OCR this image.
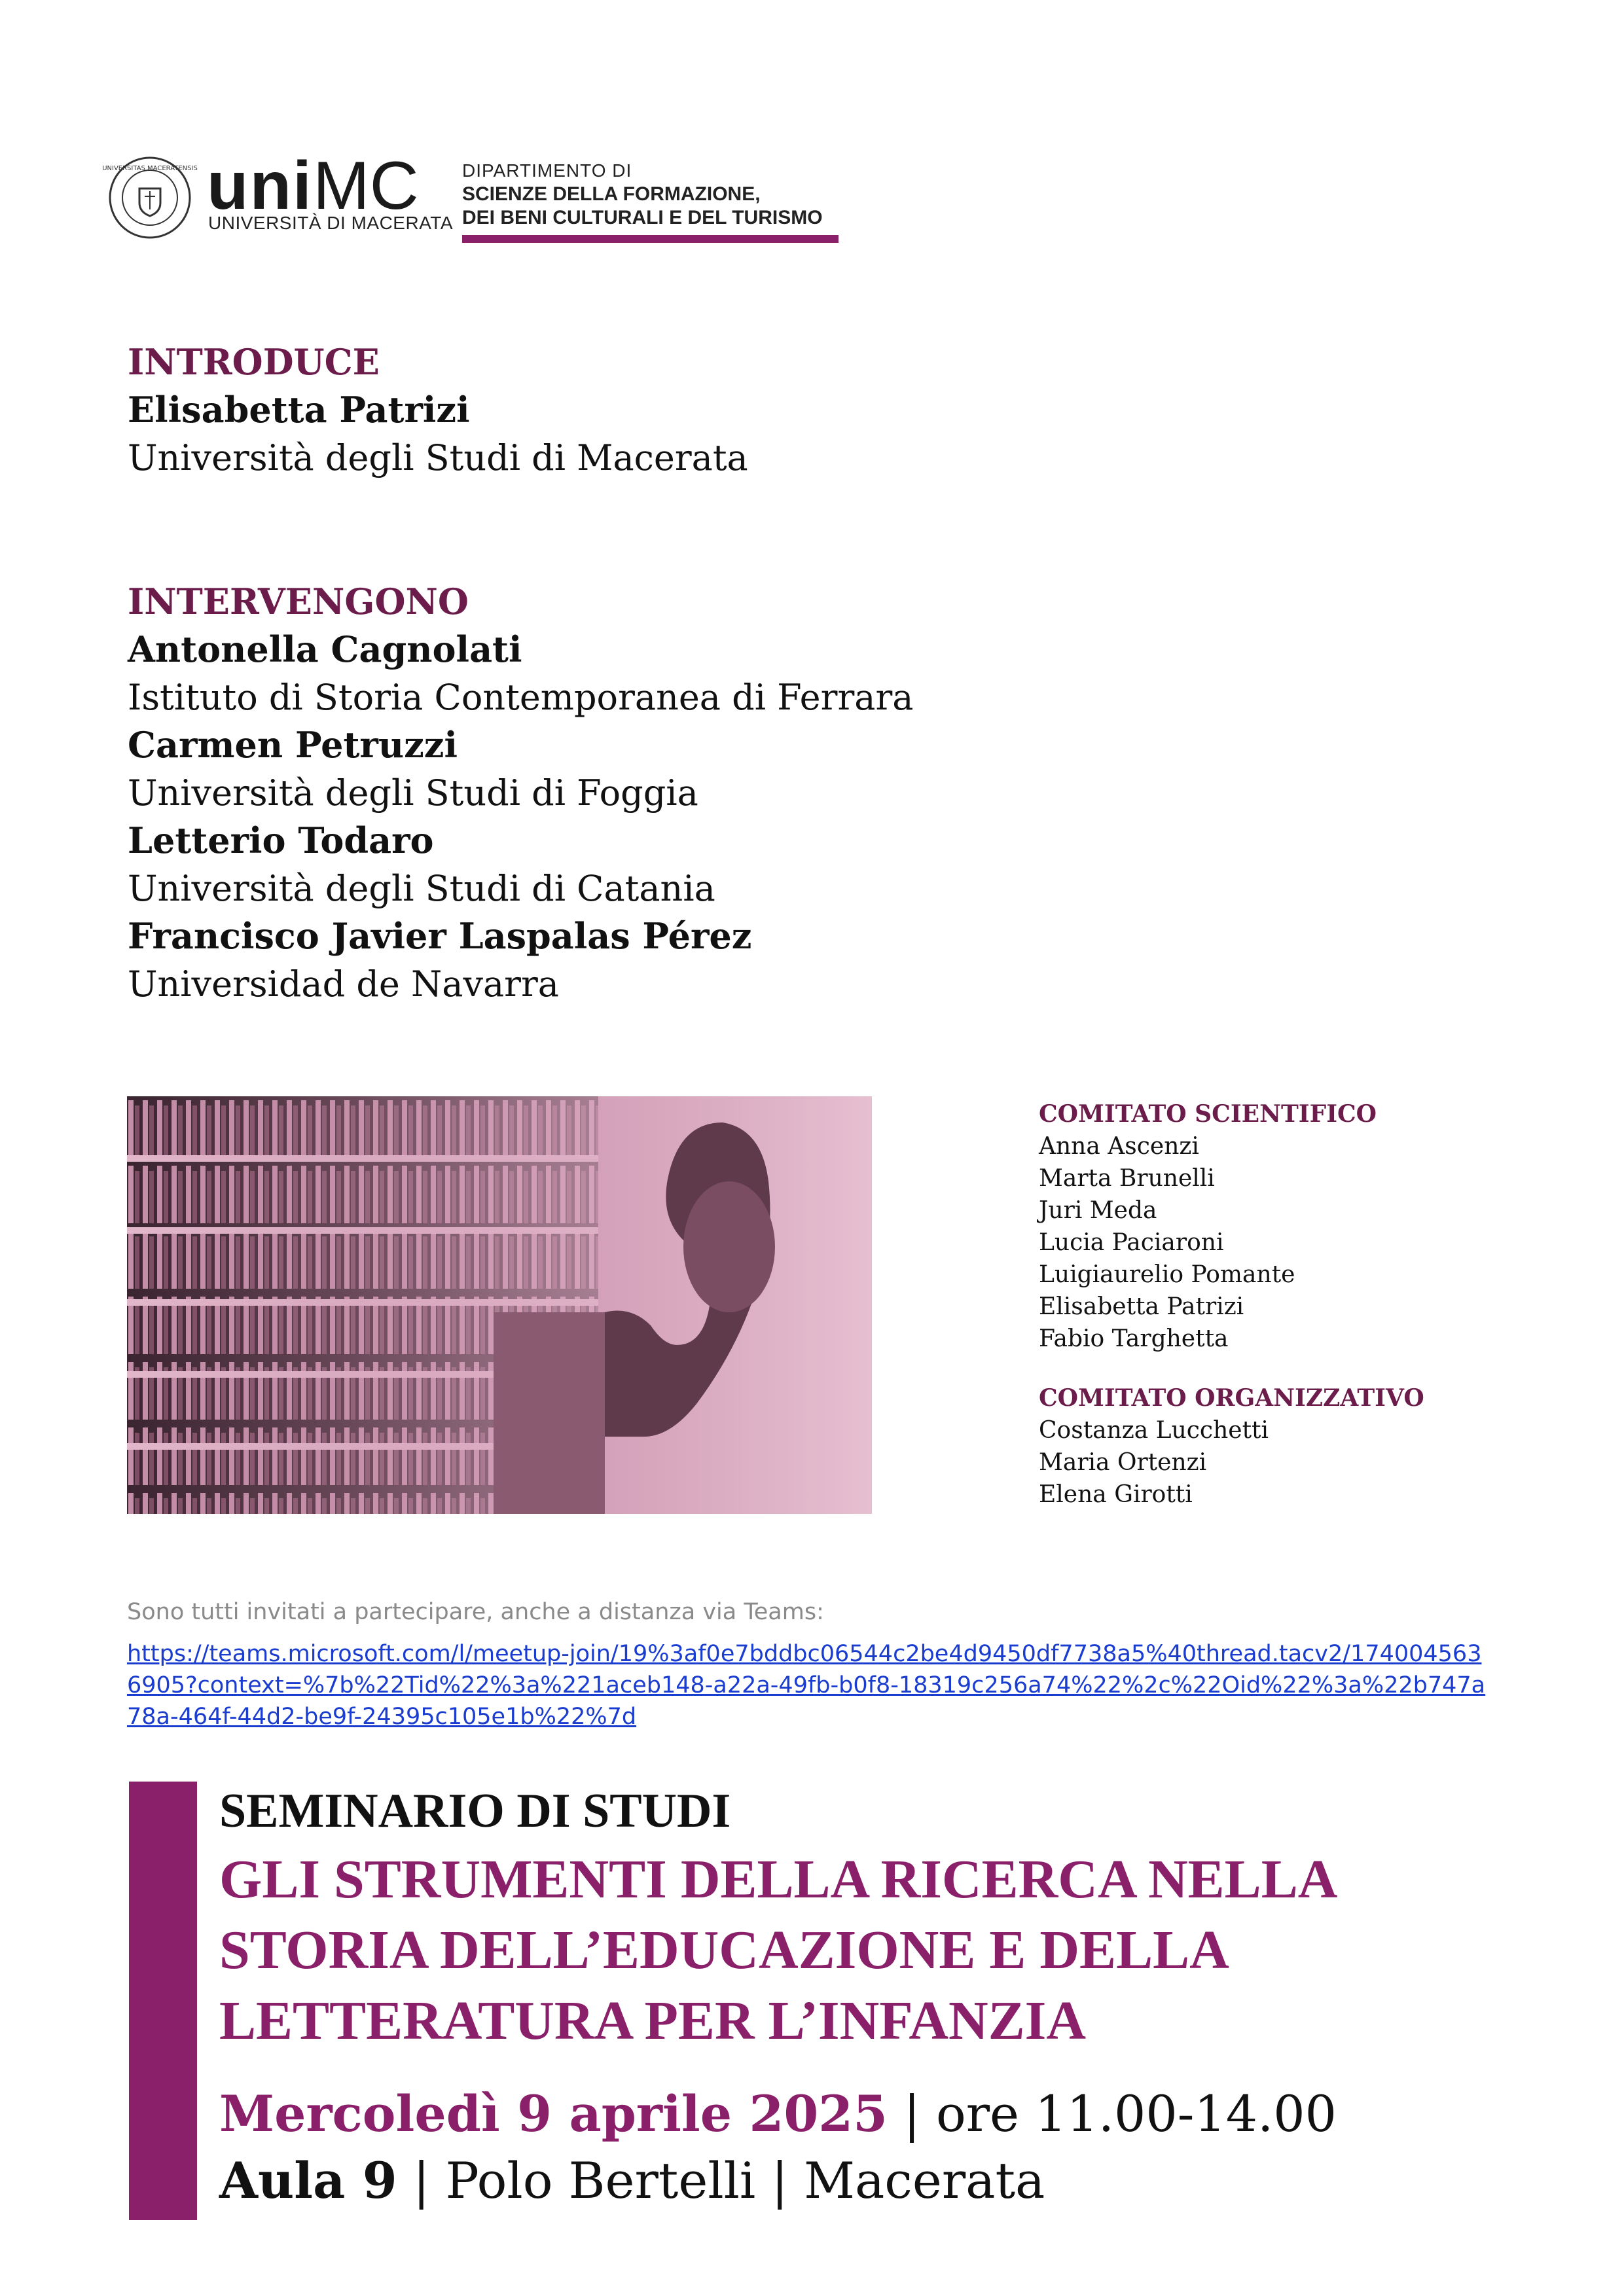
UNIVERSITAS MACERATENSIS uniMC
UNIVERSITÀ DI MACERATA
DIPARTIMENTO DI
SCIENZE DELLA FORMAZIONE,
DEI BENI CULTURALI E DEL TURISMO
INTRODUCE
Elisabetta Patrizi
Università degli Studi di Macerata
INTERVENGONO
Antonella Cagnolati
Istituto di Storia Contemporanea di Ferrara
Carmen Petruzzi
Università degli Studi di Foggia
Letterio Todaro
Università degli Studi di Catania
Francisco Javier Laspalas Pérez
Universidad de Navarra
COMITATO SCIENTIFICO
Anna Ascenzi
Marta Brunelli
Juri Meda
Lucia Paciaroni
Luigiaurelio Pomante
Elisabetta Patrizi
Fabio Targhetta
COMITATO ORGANIZZATIVO
Costanza Lucchetti
Maria Ortenzi
Elena Girotti
Sono tutti invitati a partecipare, anche a distanza via Teams:
https://teams.microsoft.com/l/meetup-join/19%3af0e7bddbc06544c2be4d9450df7738a5%40thread.tacv2/1740045636905?context=%7b%22Tid%22%3a%221aceb148-a22a-49fb-b0f8-18319c256a74%22%2c%22Oid%22%3a%22b747a78a-464f-44d2-be9f-24395c105e1b%22%7d
SEMINARIO DI STUDI
GLI STRUMENTI DELLA RICERCA NELLA
STORIA DELL’EDUCAZIONE E DELLA
LETTERATURA PER L’INFANZIA
Mercoledì 9 aprile 2025 | ore 11.00-14.00
Aula 9 | Polo Bertelli | Macerata
